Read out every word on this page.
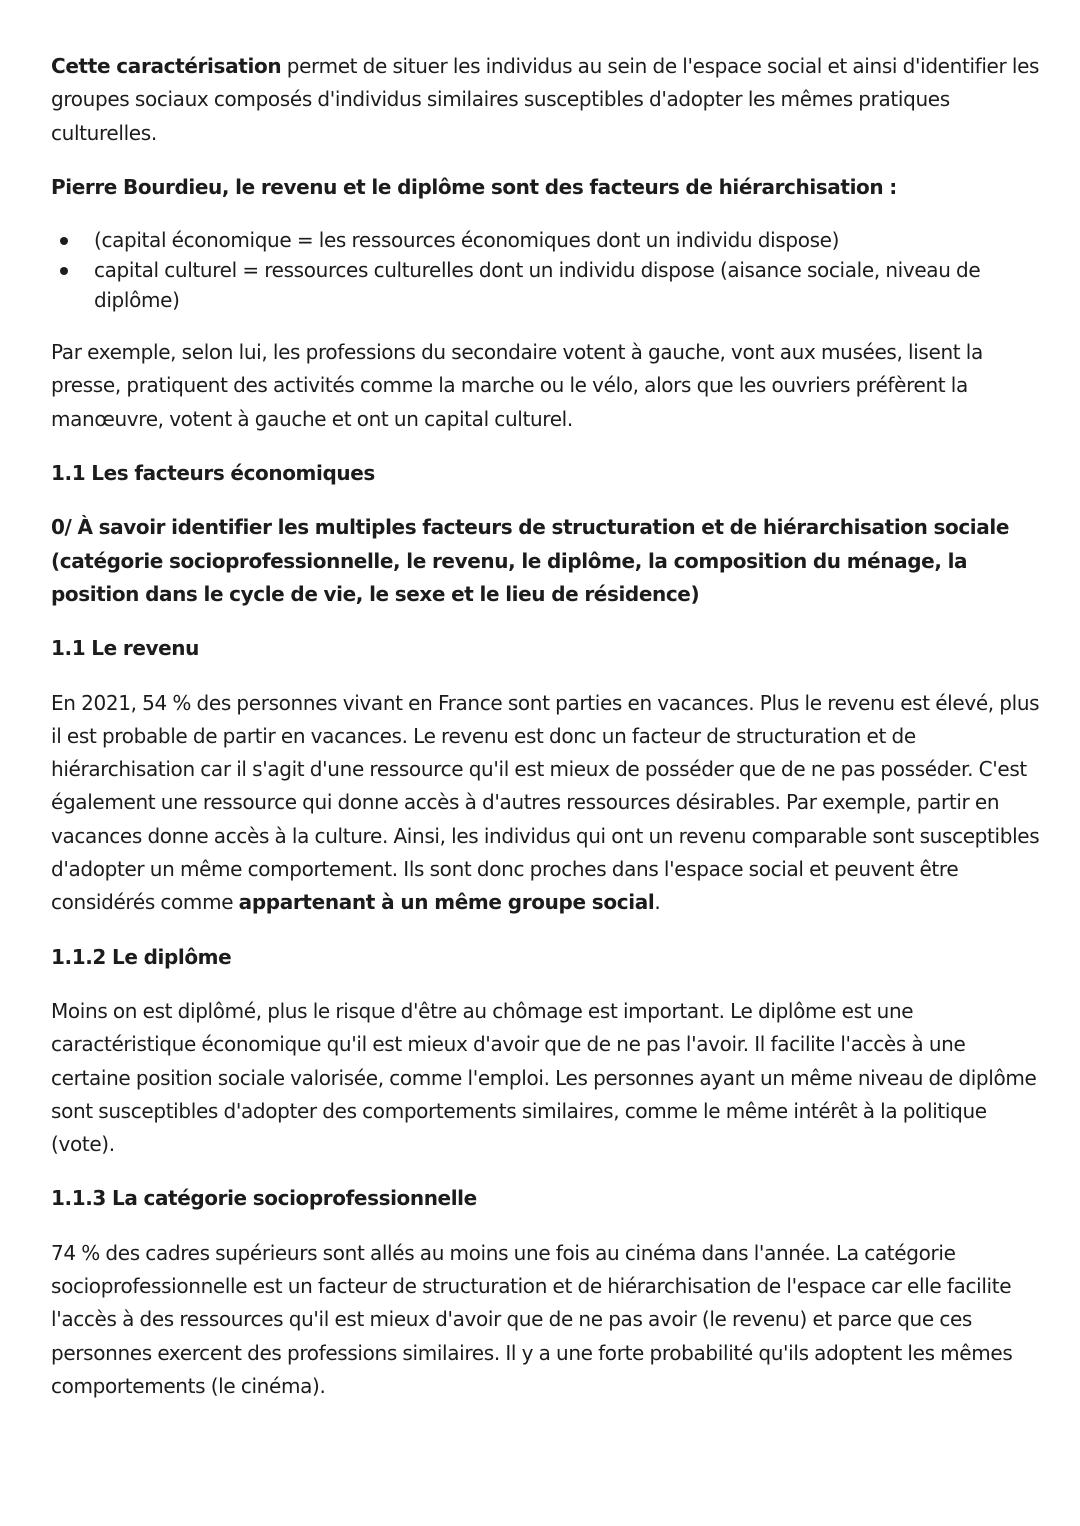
Cette caractérisation permet de situer les individus au sein de l'espace social et ainsi d'identifier les groupes sociaux composés d'individus similaires susceptibles d'adopter les mêmes pratiques culturelles.

Pierre Bourdieu, le revenu et le diplôme sont des facteurs de hiérarchisation :
(capital économique = les ressources économiques dont un individu dispose)
capital culturel = ressources culturelles dont un individu dispose (aisance sociale, niveau de diplôme)

Par exemple, selon lui, les professions du secondaire votent à gauche, vont aux musées, lisent la presse, pratiquent des activités comme la marche ou le vélo, alors que les ouvriers préfèrent la manœuvre, votent à gauche et ont un capital culturel.

1.1 Les facteurs économiques
0/ À savoir identifier les multiples facteurs de structuration et de hiérarchisation sociale (catégorie socioprofessionnelle, le revenu, le diplôme, la composition du ménage, la position dans le cycle de vie, le sexe et le lieu de résidence)
1.1 Le revenu

En 2021, 54 % des personnes vivant en France sont parties en vacances. Plus le revenu est élevé, plus il est probable de partir en vacances. Le revenu est donc un facteur de structuration et de hiérarchisation car il s'agit d'une ressource qu'il est mieux de posséder que de ne pas posséder. C'est également une ressource qui donne accès à d'autres ressources désirables. Par exemple, partir en vacances donne accès à la culture. Ainsi, les individus qui ont un revenu comparable sont susceptibles d'adopter un même comportement. Ils sont donc proches dans l'espace social et peuvent être considérés comme appartenant à un même groupe social.

1.1.2 Le diplôme

Moins on est diplômé, plus le risque d'être au chômage est important. Le diplôme est une caractéristique économique qu'il est mieux d'avoir que de ne pas l'avoir. Il facilite l'accès à une certaine position sociale valorisée, comme l'emploi. Les personnes ayant un même niveau de diplôme sont susceptibles d'adopter des comportements similaires, comme le même intérêt à la politique (vote).

1.1.3 La catégorie socioprofessionnelle

74 % des cadres supérieurs sont allés au moins une fois au cinéma dans l'année. La catégorie socioprofessionnelle est un facteur de structuration et de hiérarchisation de l'espace car elle facilite l'accès à des ressources qu'il est mieux d'avoir que de ne pas avoir (le revenu) et parce que ces personnes exercent des professions similaires. Il y a une forte probabilité qu'ils adoptent les mêmes comportements (le cinéma).
